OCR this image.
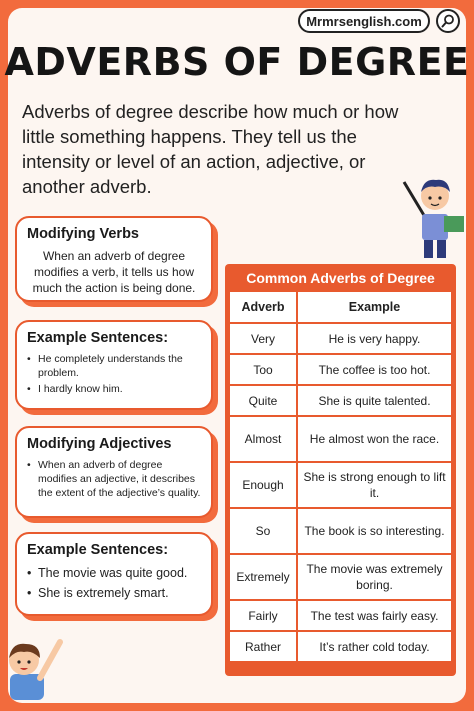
Mrmrsenglish.com
ADVERBS OF DEGREE
Adverbs of degree describe how much or how little something happens. They tell us the intensity or level of an action, adjective, or another adverb.
Modifying Verbs

When an adverb of degree modifies a verb, it tells us how much the action is being done.

Example Sentences:
• He completely understands the problem.
• I hardly know him.
Modifying Adjectives
• When an adverb of degree modifies an adjective, it describes the extent of the adjective’s quality.
Example Sentences:
• The movie was quite good.
• She is extremely smart.
Common Adverbs of Degree
Adverb	Example
Very	He is very happy.
Too	The coffee is too hot.
Quite	She is quite talented.
Almost	He almost won the race.
Enough	She is strong enough to lift it.
So	The book is so interesting.
Extremely	The movie was extremely boring.
Fairly	The test was fairly easy.
Rather	It’s rather cold today.
